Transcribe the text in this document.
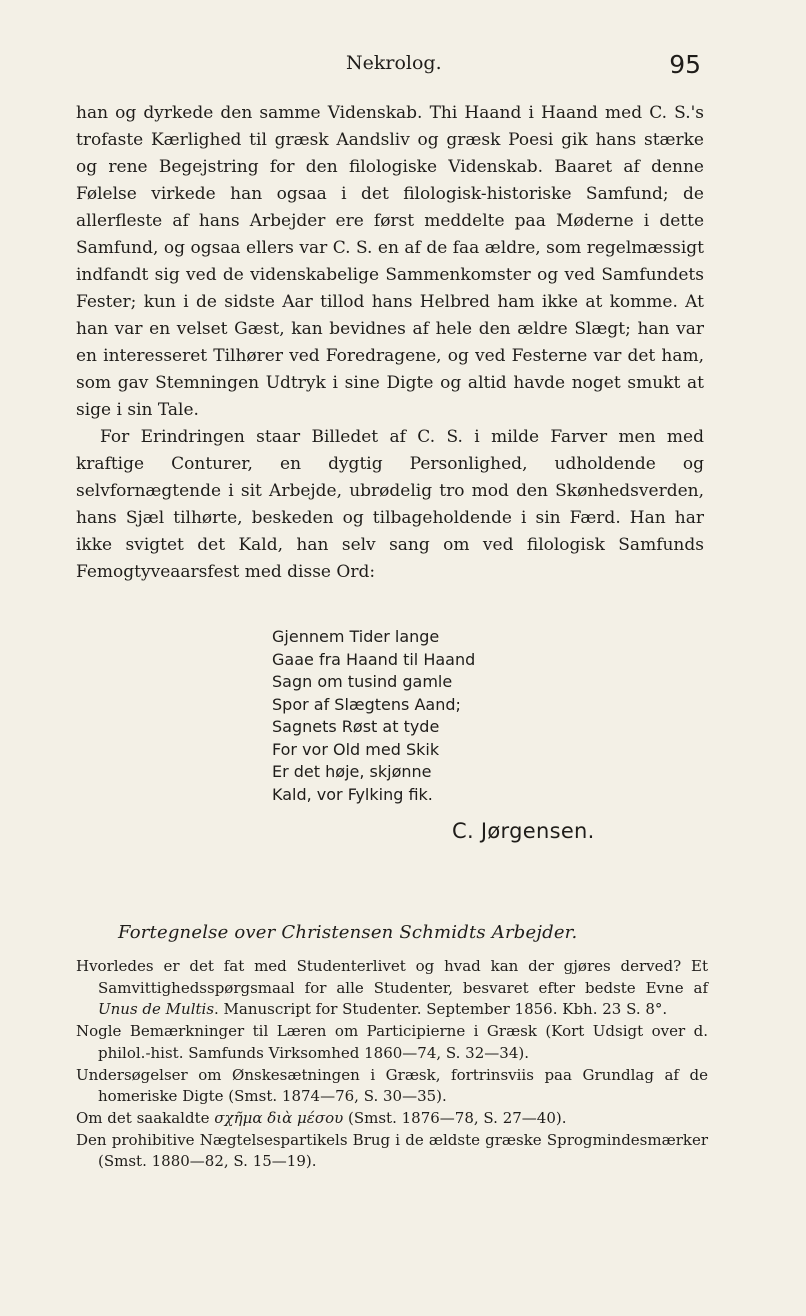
Nekrolog.	95

han og dyrkede den samme Videnskab. Thi Haand i Haand med C. S.'s trofaste Kærlighed til græsk Aandsliv og græsk Poesi gik hans stærke og rene Begejstring for den filologiske Videnskab. Baaret af denne Følelse virkede han ogsaa i det filologisk-historiske Samfund; de allerfleste af hans Arbejder ere først meddelte paa Møderne i dette Samfund, og ogsaa ellers var C. S. en af de faa ældre, som regelmæssigt indfandt sig ved de videnskabelige Sammenkomster og ved Samfundets Fester; kun i de sidste Aar tillod hans Helbred ham ikke at komme. At han var en velset Gæst, kan bevidnes af hele den ældre Slægt; han var en interesseret Tilhører ved Foredragene, og ved Festerne var det ham, som gav Stemningen Udtryk i sine Digte og altid havde noget smukt at sige i sin Tale.

For Erindringen staar Billedet af C. S. i milde Farver men med kraftige Conturer, en dygtig Personlighed, udholdende og selvfornægtende i sit Arbejde, ubrødelig tro mod den Skønhedsverden, hans Sjæl tilhørte, beskeden og tilbageholdende i sin Færd. Han har ikke svigtet det Kald, han selv sang om ved filologisk Samfunds Femogtyveaarsfest med disse Ord:

Gjennem Tider lange
Gaae fra Haand til Haand
Sagn om tusind gamle
Spor af Slægtens Aand;
Sagnets Røst at tyde
For vor Old med Skik
Er det høje, skjønne
Kald, vor Fylking fik.
C. Jørgensen.
Fortegnelse over Christensen Schmidts Arbejder.
Hvorledes er det fat med Studenterlivet og hvad kan der gjøres derved? Et Samvittighedsspørgsmaal for alle Studenter, besvaret efter bedste Evne af Unus de Multis. Manuscript for Studenter. September 1856. Kbh. 23 S. 8°.
Nogle Bemærkninger til Læren om Participierne i Græsk (Kort Udsigt over d. philol.-hist. Samfunds Virksomhed 1860—74, S. 32—34).
Undersøgelser om Ønskesætningen i Græsk, fortrinsviis paa Grundlag af de homeriske Digte (Smst. 1874—76, S. 30—35).
Om det saakaldte σχῆμα διὰ μέσου (Smst. 1876—78, S. 27—40).
Den prohibitive Nægtelsespartikels Brug i de ældste græske Sprogmindesmærker (Smst. 1880—82, S. 15—19).
